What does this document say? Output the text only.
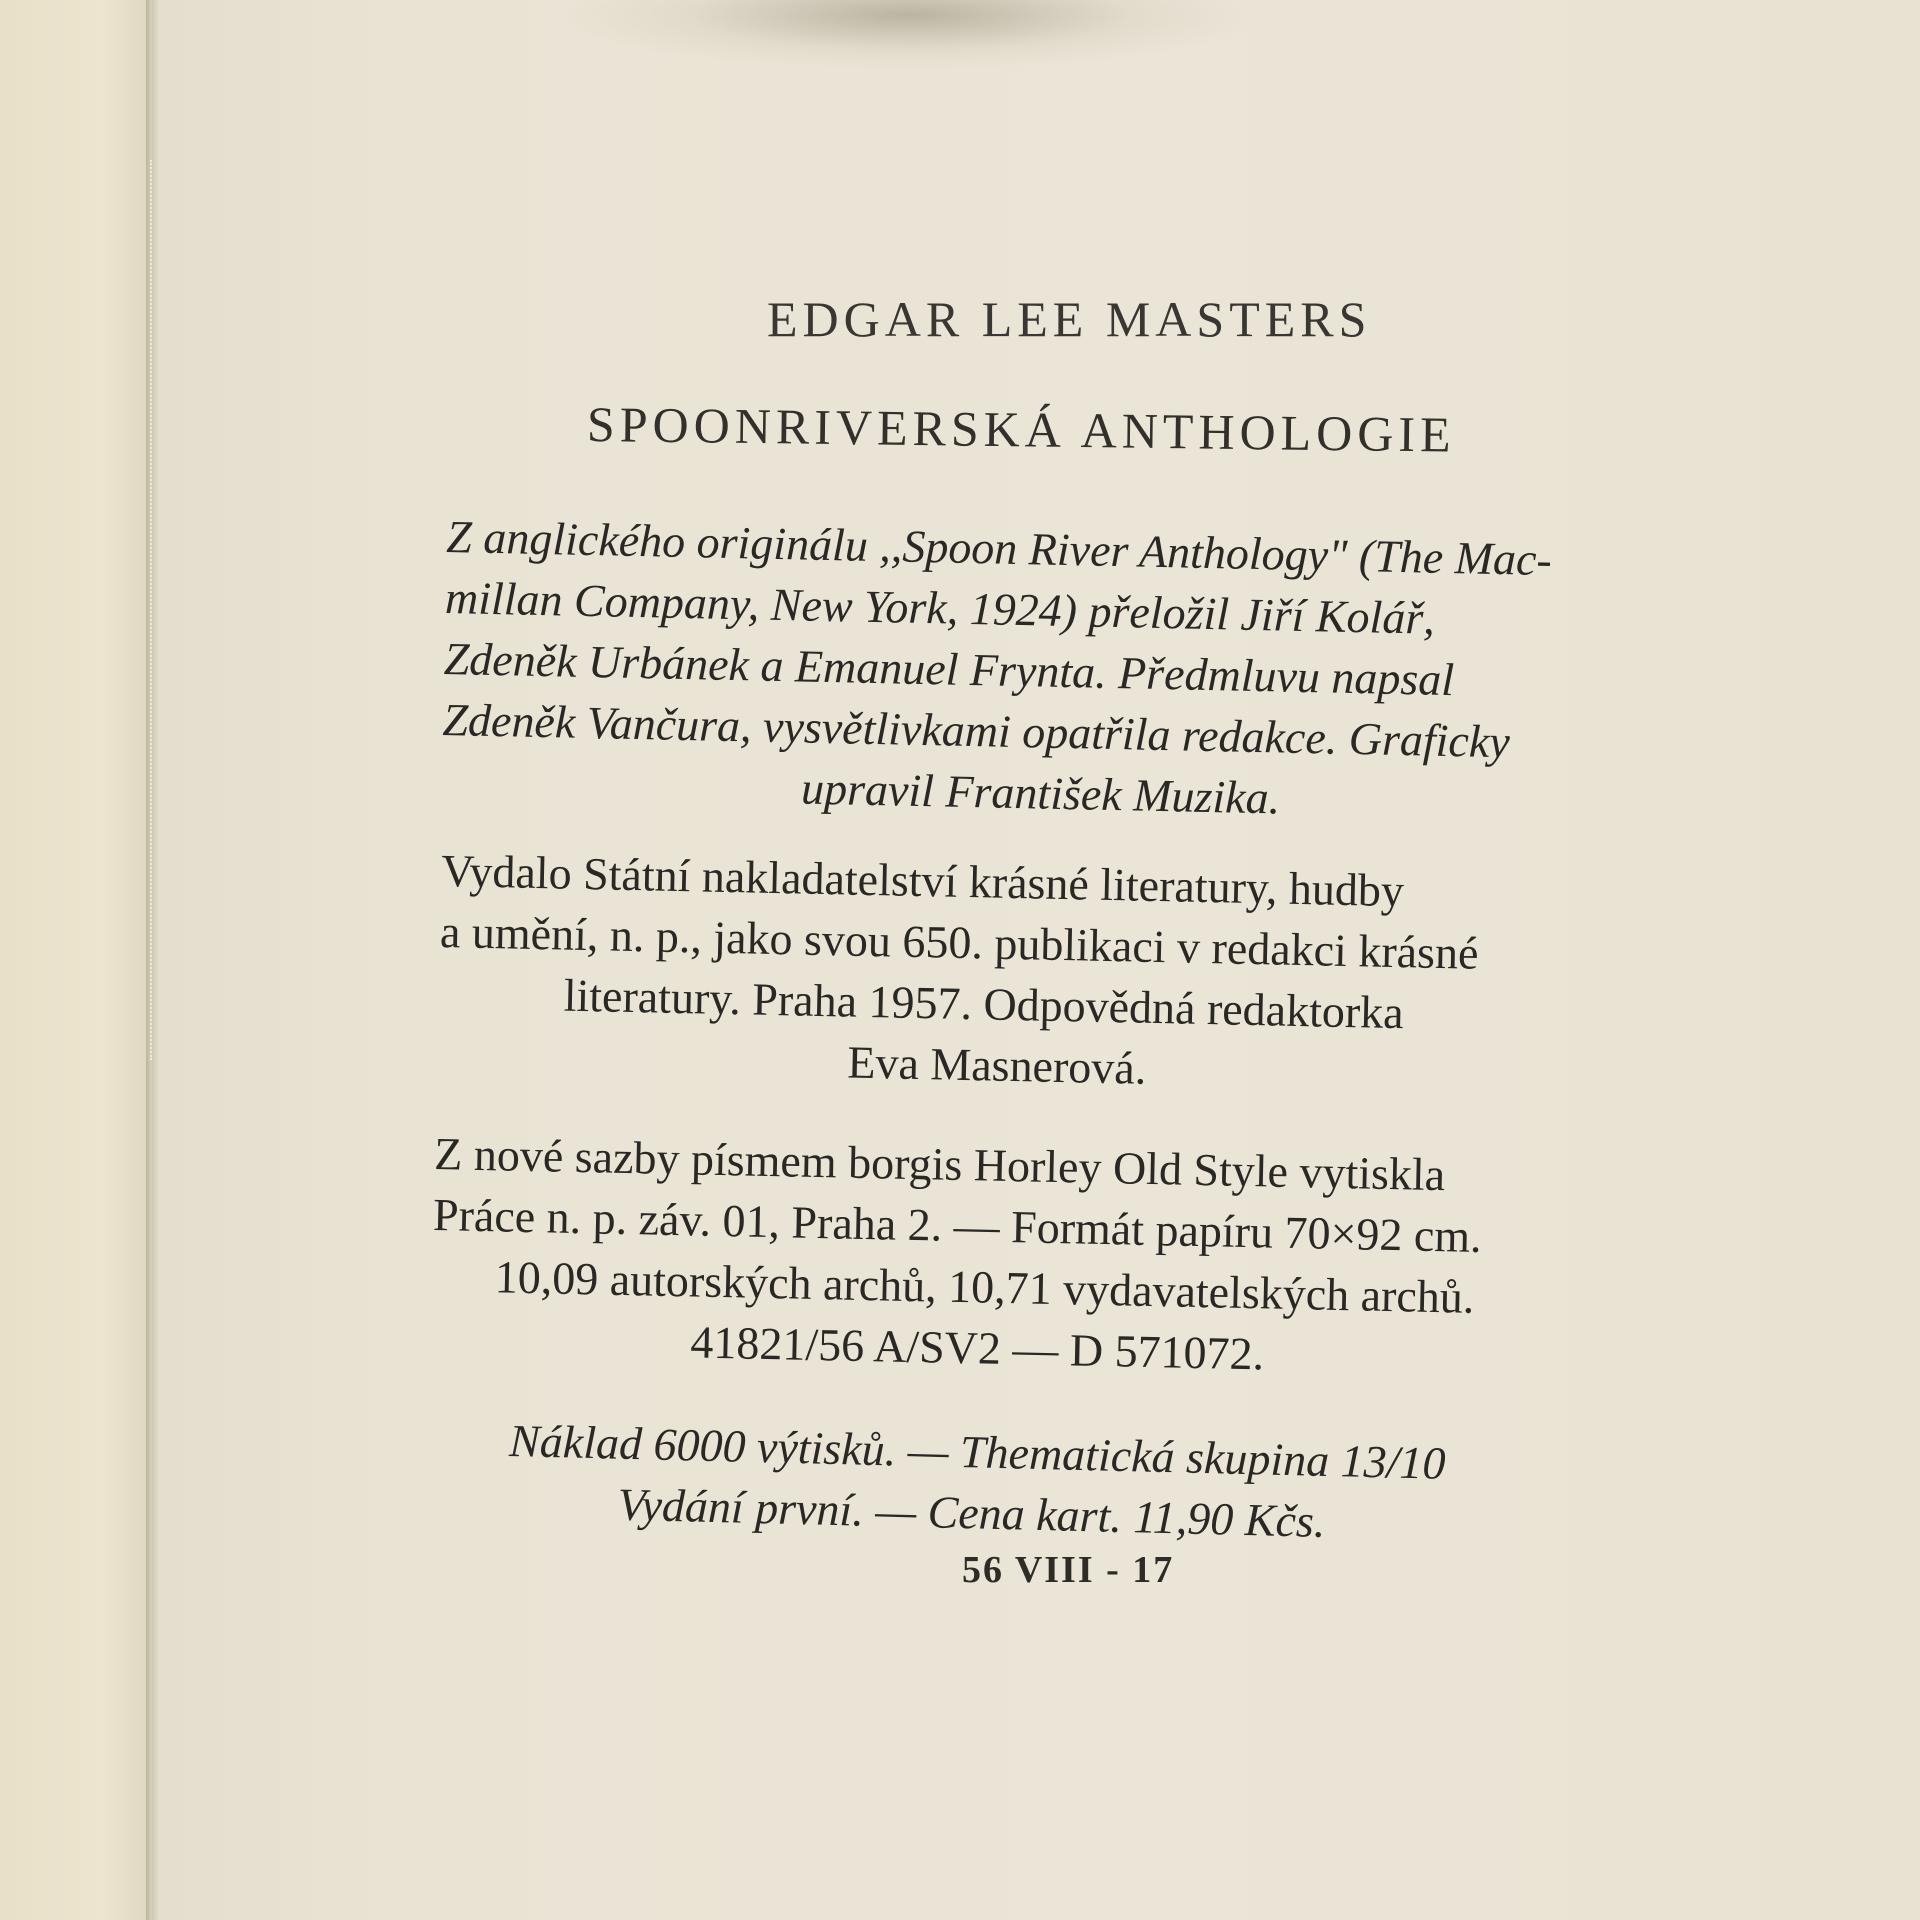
EDGAR LEE MASTERS
SPOONRIVERSKÁ ANTHOLOGIE
Z anglického originálu ,,Spoon River Anthology" (The Mac-
millan Company, New York, 1924) přeložil Jiří Kolář,
Zdeněk Urbánek a Emanuel Frynta. Předmluvu napsal
Zdeněk Vančura, vysvětlivkami opatřila redakce. Graficky
upravil František Muzika.
Vydalo Státní nakladatelství krásné literatury, hudby
a umění, n. p., jako svou 650. publikaci v redakci krásné
literatury. Praha 1957. Odpovědná redaktorka
Eva Masnerová.
Z nové sazby písmem borgis Horley Old Style vytiskla
Práce n. p. záv. 01, Praha 2. — Formát papíru 70×92 cm.
10,09 autorských archů, 10,71 vydavatelských archů.
41821/56 A/SV2 — D 571072.
Náklad 6000 výtisků. — Thematická skupina 13/10
Vydání první. — Cena kart. 11,90 Kčs.
56 VIII - 17
